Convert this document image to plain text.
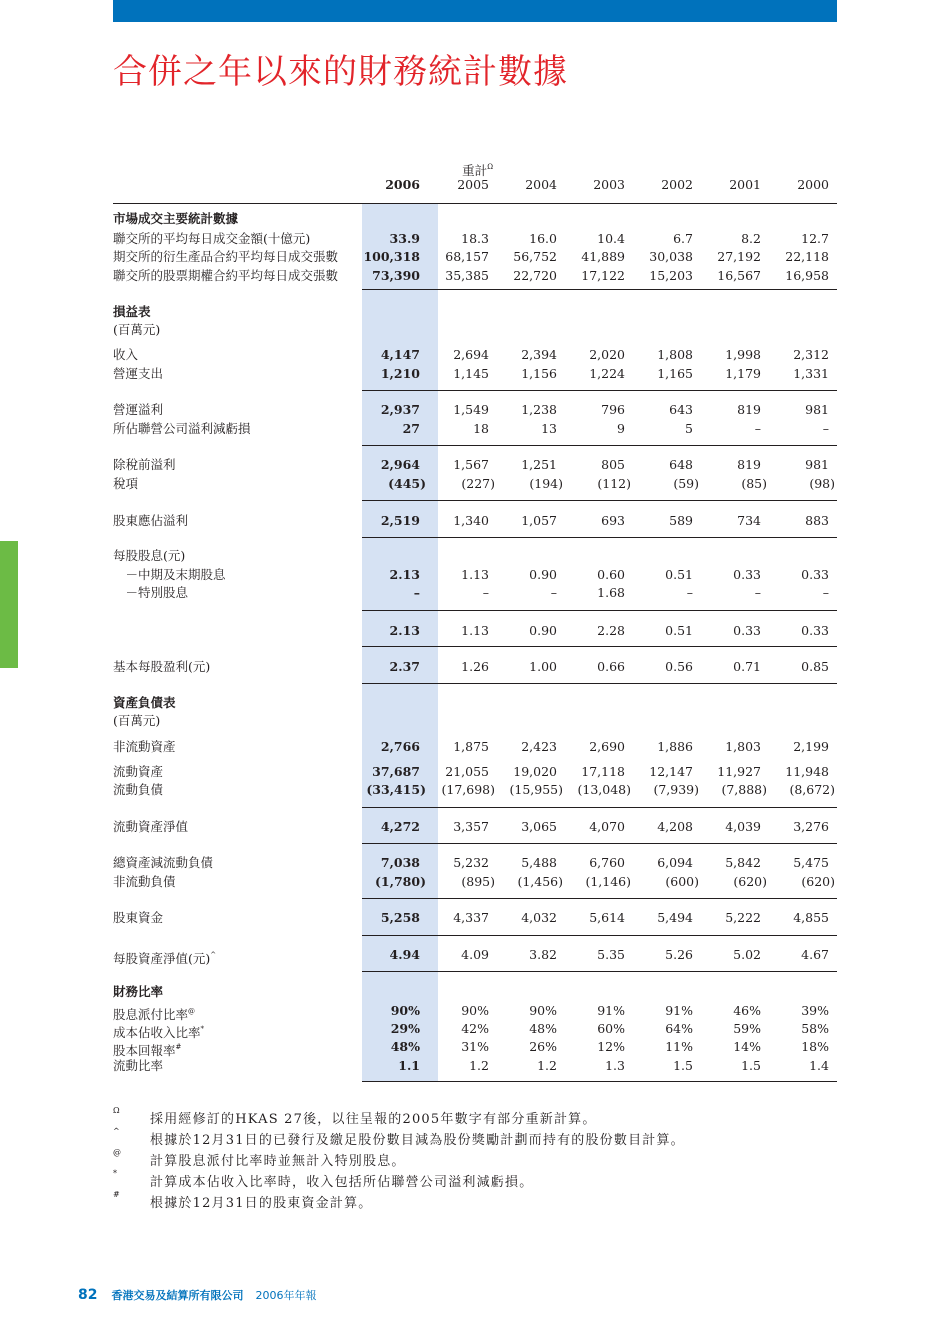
合併之年以來的財務統計數據
重計$^\Omega$
2006	2005	2004	2003	2002	2001	2000
市場成交主要統計數據
聯交所的平均每日成交金額(十億元)	33.9	18.3	16.0	10.4	6.7	8.2	12.7
期交所的衍生產品合約平均每日成交張數	100,318	68,157	56,752	41,889	30,038	27,192	22,118
聯交所的股票期權合約平均每日成交張數	73,390	35,385	22,720	17,122	15,203	16,567	16,958
損益表
(百萬元)
收入	4,147	2,694	2,394	2,020	1,808	1,998	2,312
營運支出	1,210	1,145	1,156	1,224	1,165	1,179	1,331
營運溢利	2,937	1,549	1,238	796	643	819	981
所佔聯營公司溢利減虧損	27	18	13	9	5	–	–
除稅前溢利	2,964	1,567	1,251	805	648	819	981
稅項	(445)	(227)	(194)	(112)	(59)	(85)	(98)
股東應佔溢利	2,519	1,340	1,057	693	589	734	883
每股股息(元)
　－中期及末期股息	2.13	1.13	0.90	0.60	0.51	0.33	0.33
　－特別股息	–	–	–	1.68	–	–	–
2.13	1.13	0.90	2.28	0.51	0.33	0.33
基本每股盈利(元)	2.37	1.26	1.00	0.66	0.56	0.71	0.85
資產負債表
(百萬元)
非流動資產	2,766	1,875	2,423	2,690	1,886	1,803	2,199
流動資產	37,687	21,055	19,020	17,118	12,147	11,927	11,948
流動負債	(33,415)	(17,698)	(15,955)	(13,048)	(7,939)	(7,888)	(8,672)
流動資產淨值	4,272	3,357	3,065	4,070	4,208	4,039	3,276
總資產減流動負債	7,038	5,232	5,488	6,760	6,094	5,842	5,475
非流動負債	(1,780)	(895)	(1,456)	(1,146)	(600)	(620)	(620)
股東資金	5,258	4,337	4,032	5,614	5,494	5,222	4,855
每股資產淨值(元)^	4.94	4.09	3.82	5.35	5.26	5.02	4.67
財務比率
股息派付比率@	90%	90%	90%	91%	91%	46%	39%
成本佔收入比率*	29%	42%	48%	60%	64%	59%	58%
股本回報率#	48%	31%	26%	12%	11%	14%	18%
流動比率	1.1	1.2	1.2	1.3	1.5	1.5	1.4
Ω
採用經修訂的HKAS 27後，以往呈報的2005年數字有部分重新計算。
^
根據於12月31日的已發行及繳足股份數目減為股份獎勵計劃而持有的股份數目計算。
@
計算股息派付比率時並無計入特別股息。
*
計算成本佔收入比率時，收入包括所佔聯營公司溢利減虧損。
#
根據於12月31日的股東資金計算。
82 香港交易及結算所有限公司 2006年年報
